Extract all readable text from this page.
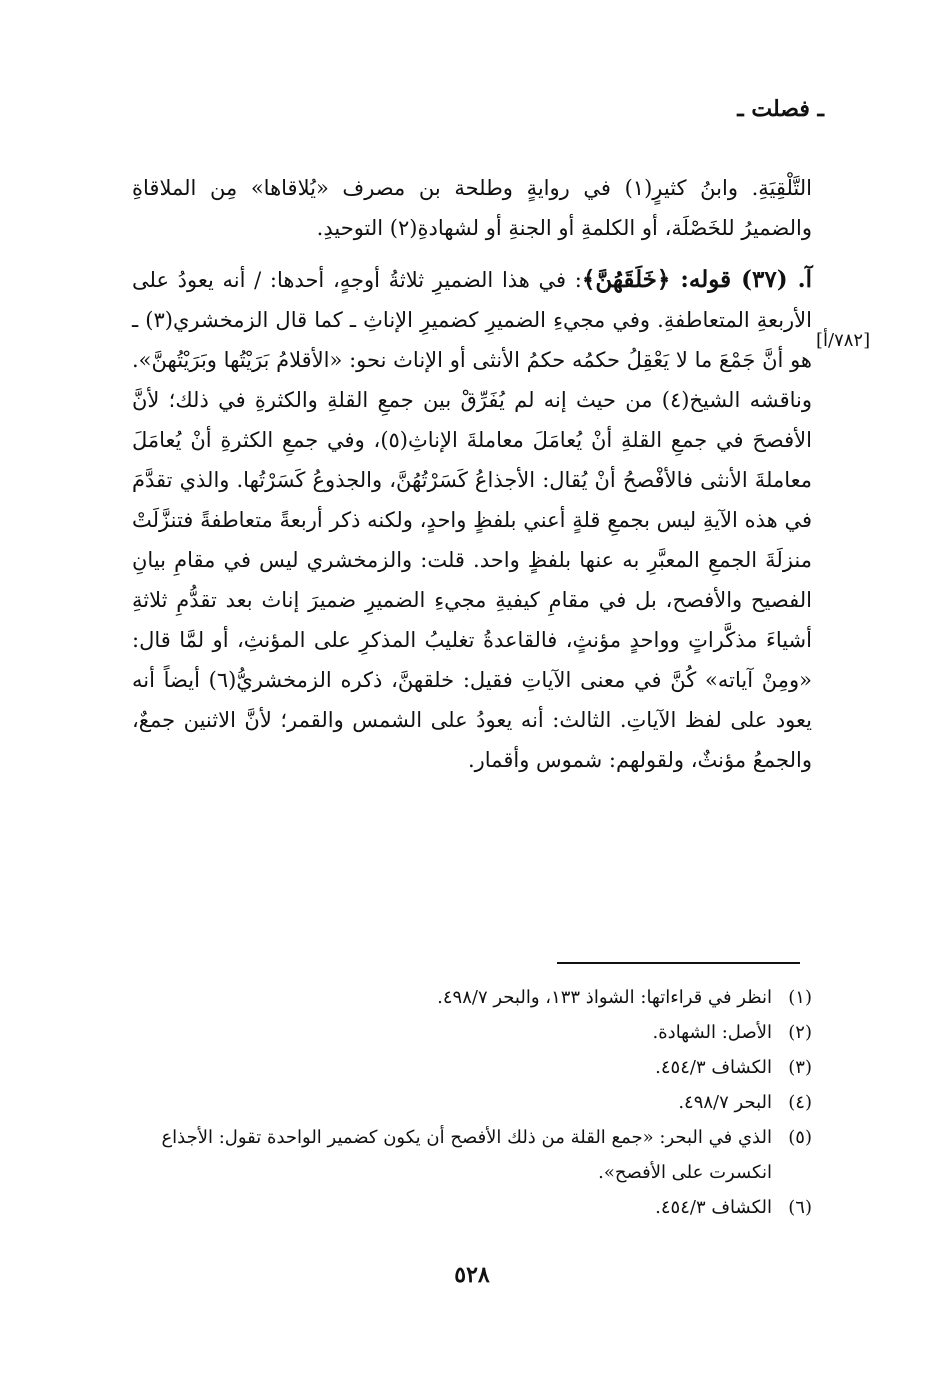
ـ فصلت ـ
[٧٨٢/أ]

التَّلْقِيَةِ. وابنُ كثيرٍ(١) في روايةٍ وطلحة بن مصرف «يُلاقاها» مِن الملاقاةِ والضميرُ للخَصْلَة، أو الكلمةِ أو الجنةِ أو لشهادةِ(٢) التوحيدِ.

آ. (٣٧) قوله: ﴿خَلَقَهُنَّ﴾: في هذا الضميرِ ثلاثةُ أوجهٍ، أحدها: / أنه يعودُ على الأربعةِ المتعاطفةِ. وفي مجيءِ الضميرِ كضميرِ الإناثِ ـ كما قال الزمخشري(٣) ـ هو أنَّ جَمْعَ ما لا يَعْقِلُ حكمُه حكمُ الأنثى أو الإناث نحو: «الأقلامُ بَرَيْتُها وبَرَيْتُهنَّ». وناقشه الشيخ(٤) من حيث إنه لم يُفَرِّقْ بين جمعِ القلةِ والكثرةِ في ذلك؛ لأنَّ الأفصحَ في جمعِ القلةِ أنْ يُعامَلَ معاملةَ الإناثِ(٥)، وفي جمعِ الكثرةِ أنْ يُعامَلَ معاملةَ الأنثى فالأفْصحُ أنْ يُقال: الأجذاعُ كَسَرْتُهُنَّ، والجذوعُ كَسَرْتُها. والذي تقدَّمَ في هذه الآيةِ ليس بجمعِ قلةٍ أعني بلفظٍ واحدٍ، ولكنه ذكر أربعةً متعاطفةً فتنزَّلَتْ منزلَةَ الجمعِ المعبَّرِ به عنها بلفظٍ واحد. قلت: والزمخشري ليس في مقامِ بيانِ الفصيح والأفصح، بل في مقامِ كيفيةِ مجيءِ الضميرِ ضميرَ إناث بعد تقدُّمِ ثلاثةِ أشياءَ مذكَّراتٍ وواحدٍ مؤنثٍ، فالقاعدةُ تغليبُ المذكرِ على المؤنثِ، أو لمَّا قال: «ومِنْ آياته» كُنَّ في معنى الآياتِ فقيل: خلقهنَّ، ذكره الزمخشريُّ(٦) أيضاً أنه يعود على لفظ الآياتِ. الثالث: أنه يعودُ على الشمس والقمر؛ لأنَّ الاثنين جمعٌ، والجمعُ مؤنثٌ، ولقولهم: شموس وأقمار.

(١)
انظر في قراءاتها: الشواذ ١٣٣، والبحر ٤٩٨/٧.
(٢)
الأصل: الشهادة.
(٣)
الكشاف ٤٥٤/٣.
(٤)
البحر ٤٩٨/٧.
(٥)
الذي في البحر: «جمع القلة من ذلك الأفصح أن يكون كضمير الواحدة تقول: الأجذاع انكسرت على الأفصح».
(٦)
الكشاف ٤٥٤/٣.
٥٢٨
